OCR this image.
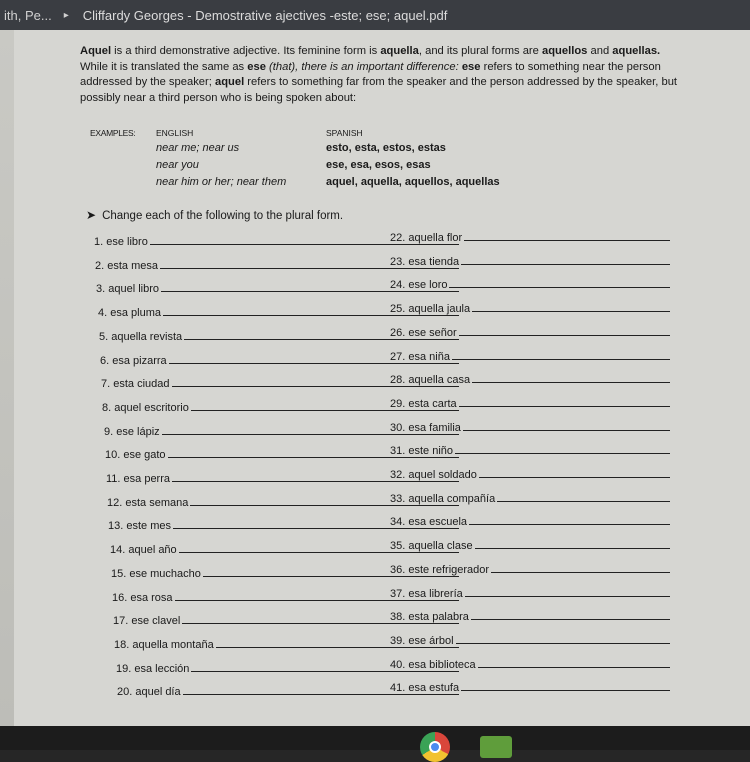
ith, Pe... ▸ Cliffardy Georges - Demostrative ajectives -este; ese; aquel.pdf
Aquel is a third demonstrative adjective. Its feminine form is aquella, and its plural forms are aquellos and aquellas. While it is translated the same as ese (that), there is an important difference: ese refers to something near the person addressed by the speaker; aquel refers to something far from the speaker and the person addressed by the speaker, but possibly near a third person who is being spoken about:
EXAMPLES: ENGLISH	SPANISH
near me; near us	esto, esta, estos, estas
near you	ese, esa, esos, esas
near him or her; near them	aquel, aquella, aquellos, aquellas
➤ Change each of the following to the plural form.
1. ese libro
2. esta mesa
3. aquel libro
4. esa pluma
5. aquella revista
6. esa pizarra
7. esta ciudad
8. aquel escritorio
9. ese lápiz
10. ese gato
11. esa perra
12. esta semana
13. este mes
14. aquel año
15. ese muchacho
16. esa rosa
17. ese clavel
18. aquella montaña
19. esa lección
20. aquel día
22. aquella flor
23. esa tienda
24. ese loro
25. aquella jaula
26. ese señor
27. esa niña
28. aquella casa
29. esta carta
30. esa familia
31. este niño
32. aquel soldado
33. aquella compañía
34. esa escuela
35. aquella clase
36. este refrigerador
37. esa librería
38. esta palabra
39. ese árbol
40. esa biblioteca
41. esa estufa
